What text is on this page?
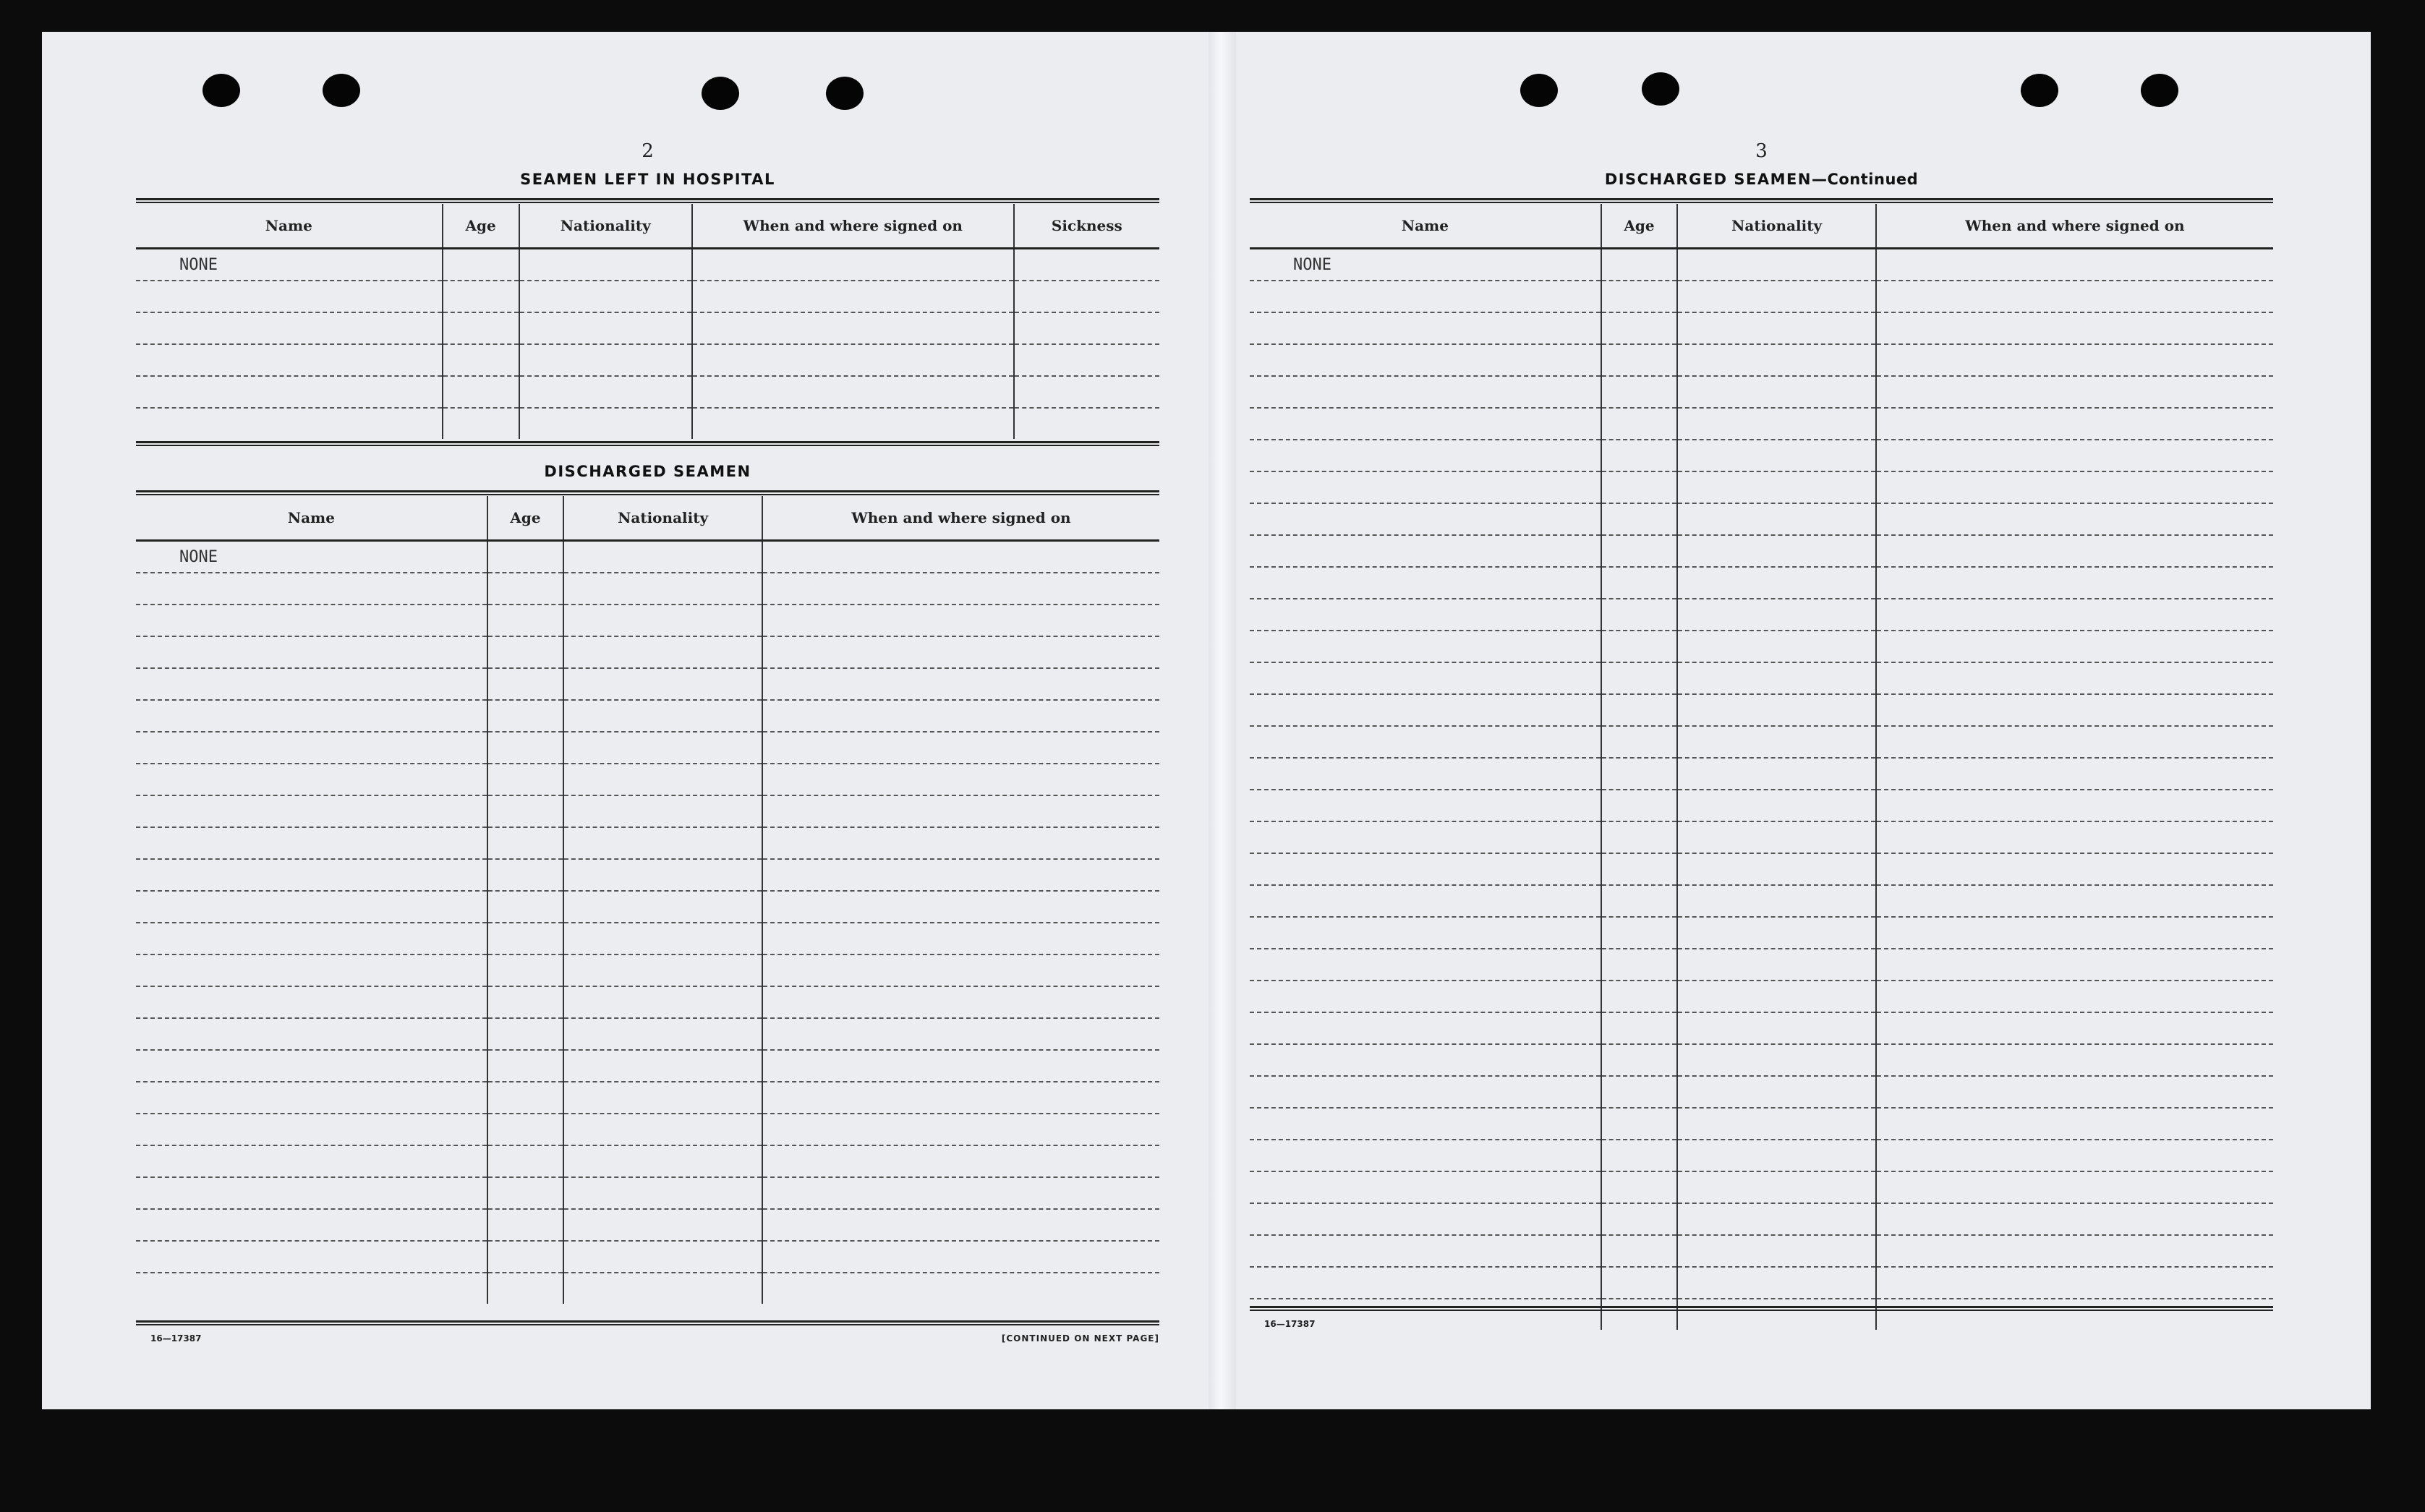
2
SEAMEN LEFT IN HOSPITAL
Name	Age	Nationality	When and where signed on	Sickness
NONE				

DISCHARGED SEAMEN
Name	Age	Nationality	When and where signed on
NONE			

16—17387	[CONTINUED ON NEXT PAGE]
3
DISCHARGED SEAMEN—Continued
Name	Age	Nationality	When and where signed on
NONE			

16—17387
